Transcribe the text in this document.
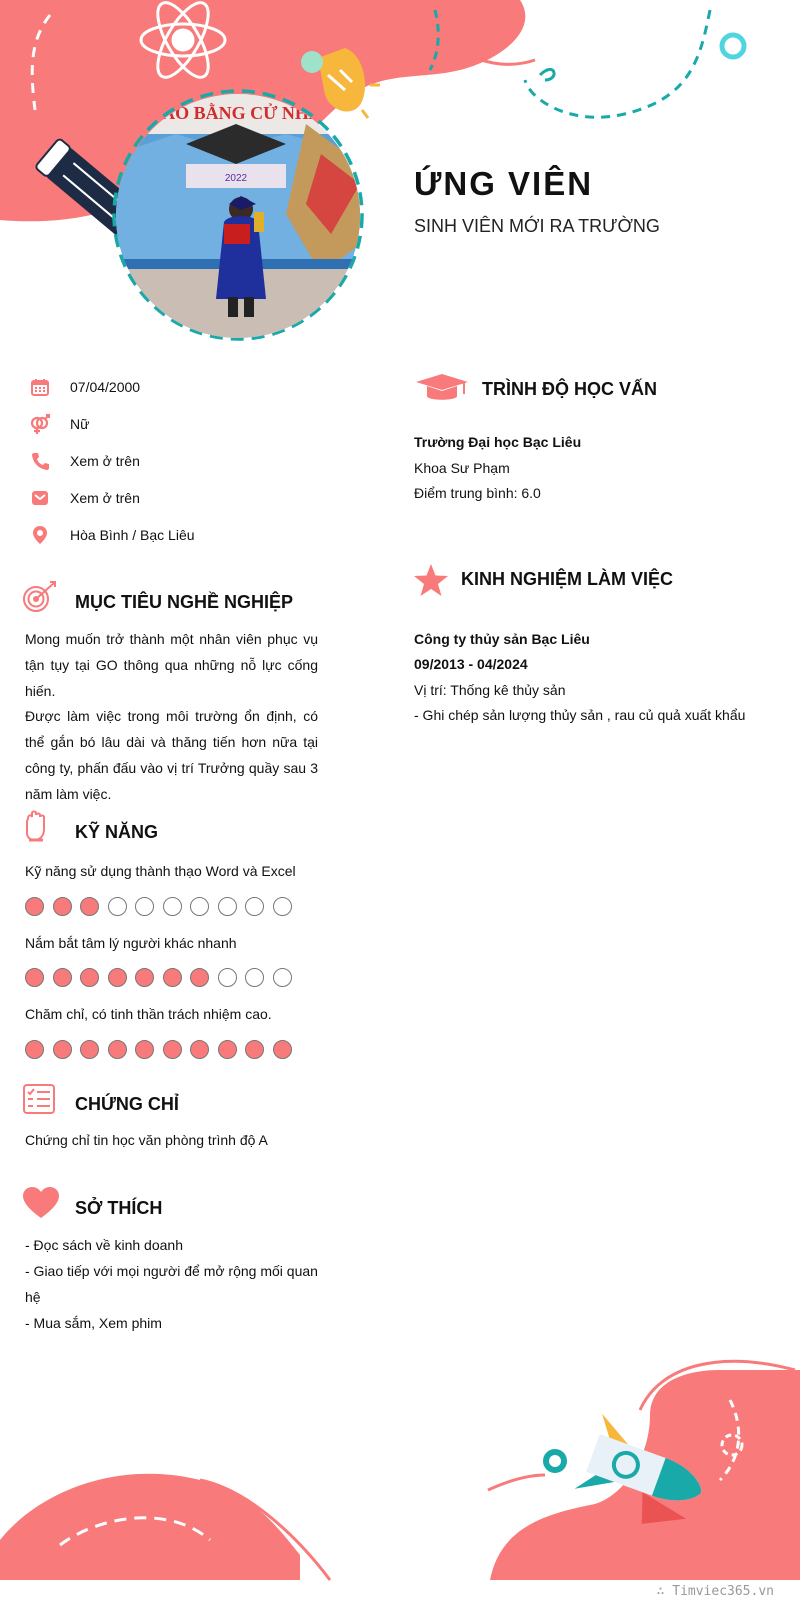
2022
TRAO BẰNG CỬ NHÂN
ỨNG VIÊN
SINH VIÊN MỚI RA TRƯỜNG
07/04/2000
Nữ
Xem ở trên
Xem ở trên
Hòa Bình / Bạc Liêu
MỤC TIÊU NGHỀ NGHIỆP
Mong muốn trở thành một nhân viên phục vụ tận tụy tại GO thông qua những nỗ lực cống hiến.
Được làm việc trong môi trường ổn định, có thể gắn bó lâu dài và thăng tiến hơn nữa tại công ty, phấn đấu vào vị trí Trưởng quầy sau 3 năm làm việc.
KỸ NĂNG
Kỹ năng sử dụng thành thạo Word và Excel
Nắm bắt tâm lý người khác nhanh
Chăm chỉ, có tinh thần trách nhiệm cao.
CHỨNG CHỈ
Chứng chỉ tin học văn phòng trình độ A
SỞ THÍCH
- Đọc sách về kinh doanh
- Giao tiếp với mọi người để mở rộng mối quan hệ
- Mua sắm, Xem phim
TRÌNH ĐỘ HỌC VẤN
Trường Đại học Bạc Liêu
Khoa Sư Phạm
Điểm trung bình: 6.0
KINH NGHIỆM LÀM VIỆC
Công ty thủy sản Bạc Liêu
09/2013 - 04/2024
Vị trí: Thống kê thủy sản
- Ghi chép sản lượng thủy sản , rau củ quả xuất khẩu
∴ Timviec365.vn
